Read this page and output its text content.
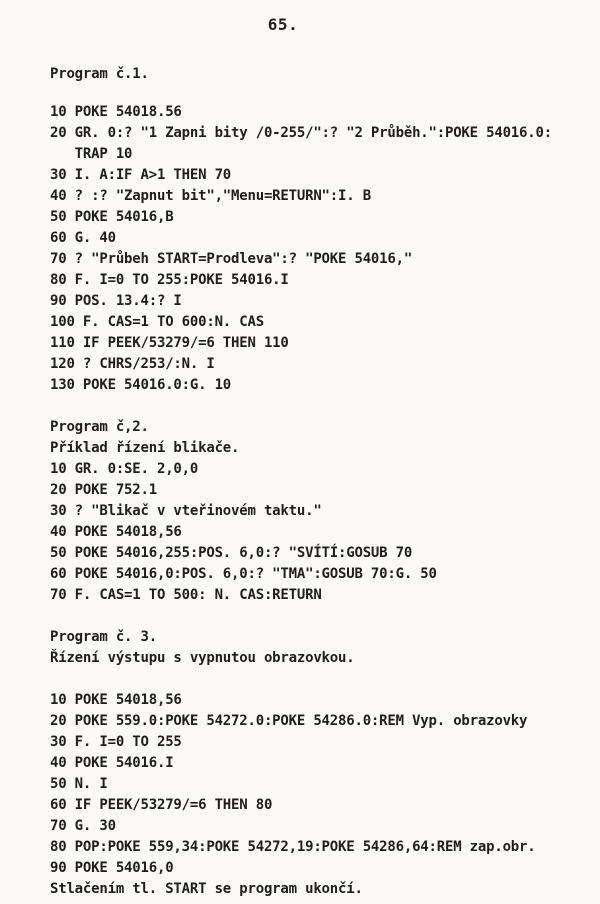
65.
Program č.1.
10 POKE 54018.56
20 GR. 0:? "1 Zapni bity /0-255/":? "2 Průběh.":POKE 54016.0:
TRAP 10
30 I. A:IF A>1 THEN 70
40 ? :? "Zapnut bit","Menu=RETURN":I. B
50 POKE 54016,B
60 G. 40
70 ? "Průbeh START=Prodleva":? "POKE 54016,"
80 F. I=0 TO 255:POKE 54016.I
90 POS. 13.4:? I
100 F. CAS=1 TO 600:N. CAS
110 IF PEEK/53279/=6 THEN 110
120 ? CHRS/253/:N. I
130 POKE 54016.0:G. 10
Program č,2.
Příklad řízení blikače.
10 GR. 0:SE. 2,0,0
20 POKE 752.1
30 ? "Blikač v vteřinovém taktu."
40 POKE 54018,56
50 POKE 54016,255:POS. 6,0:? "SVÍTÍ:GOSUB 70
60 POKE 54016,0:POS. 6,0:? "TMA":GOSUB 70:G. 50
70 F. CAS=1 TO 500: N. CAS:RETURN
Program č. 3.
Řízení výstupu s vypnutou obrazovkou.
10 POKE 54018,56
20 POKE 559.0:POKE 54272.0:POKE 54286.0:REM Vyp. obrazovky
30 F. I=0 TO 255
40 POKE 54016.I
50 N. I
60 IF PEEK/53279/=6 THEN 80
70 G. 30
80 POP:POKE 559,34:POKE 54272,19:POKE 54286,64:REM zap.obr.
90 POKE 54016,0
Stlačením tl. START se program ukončí.
